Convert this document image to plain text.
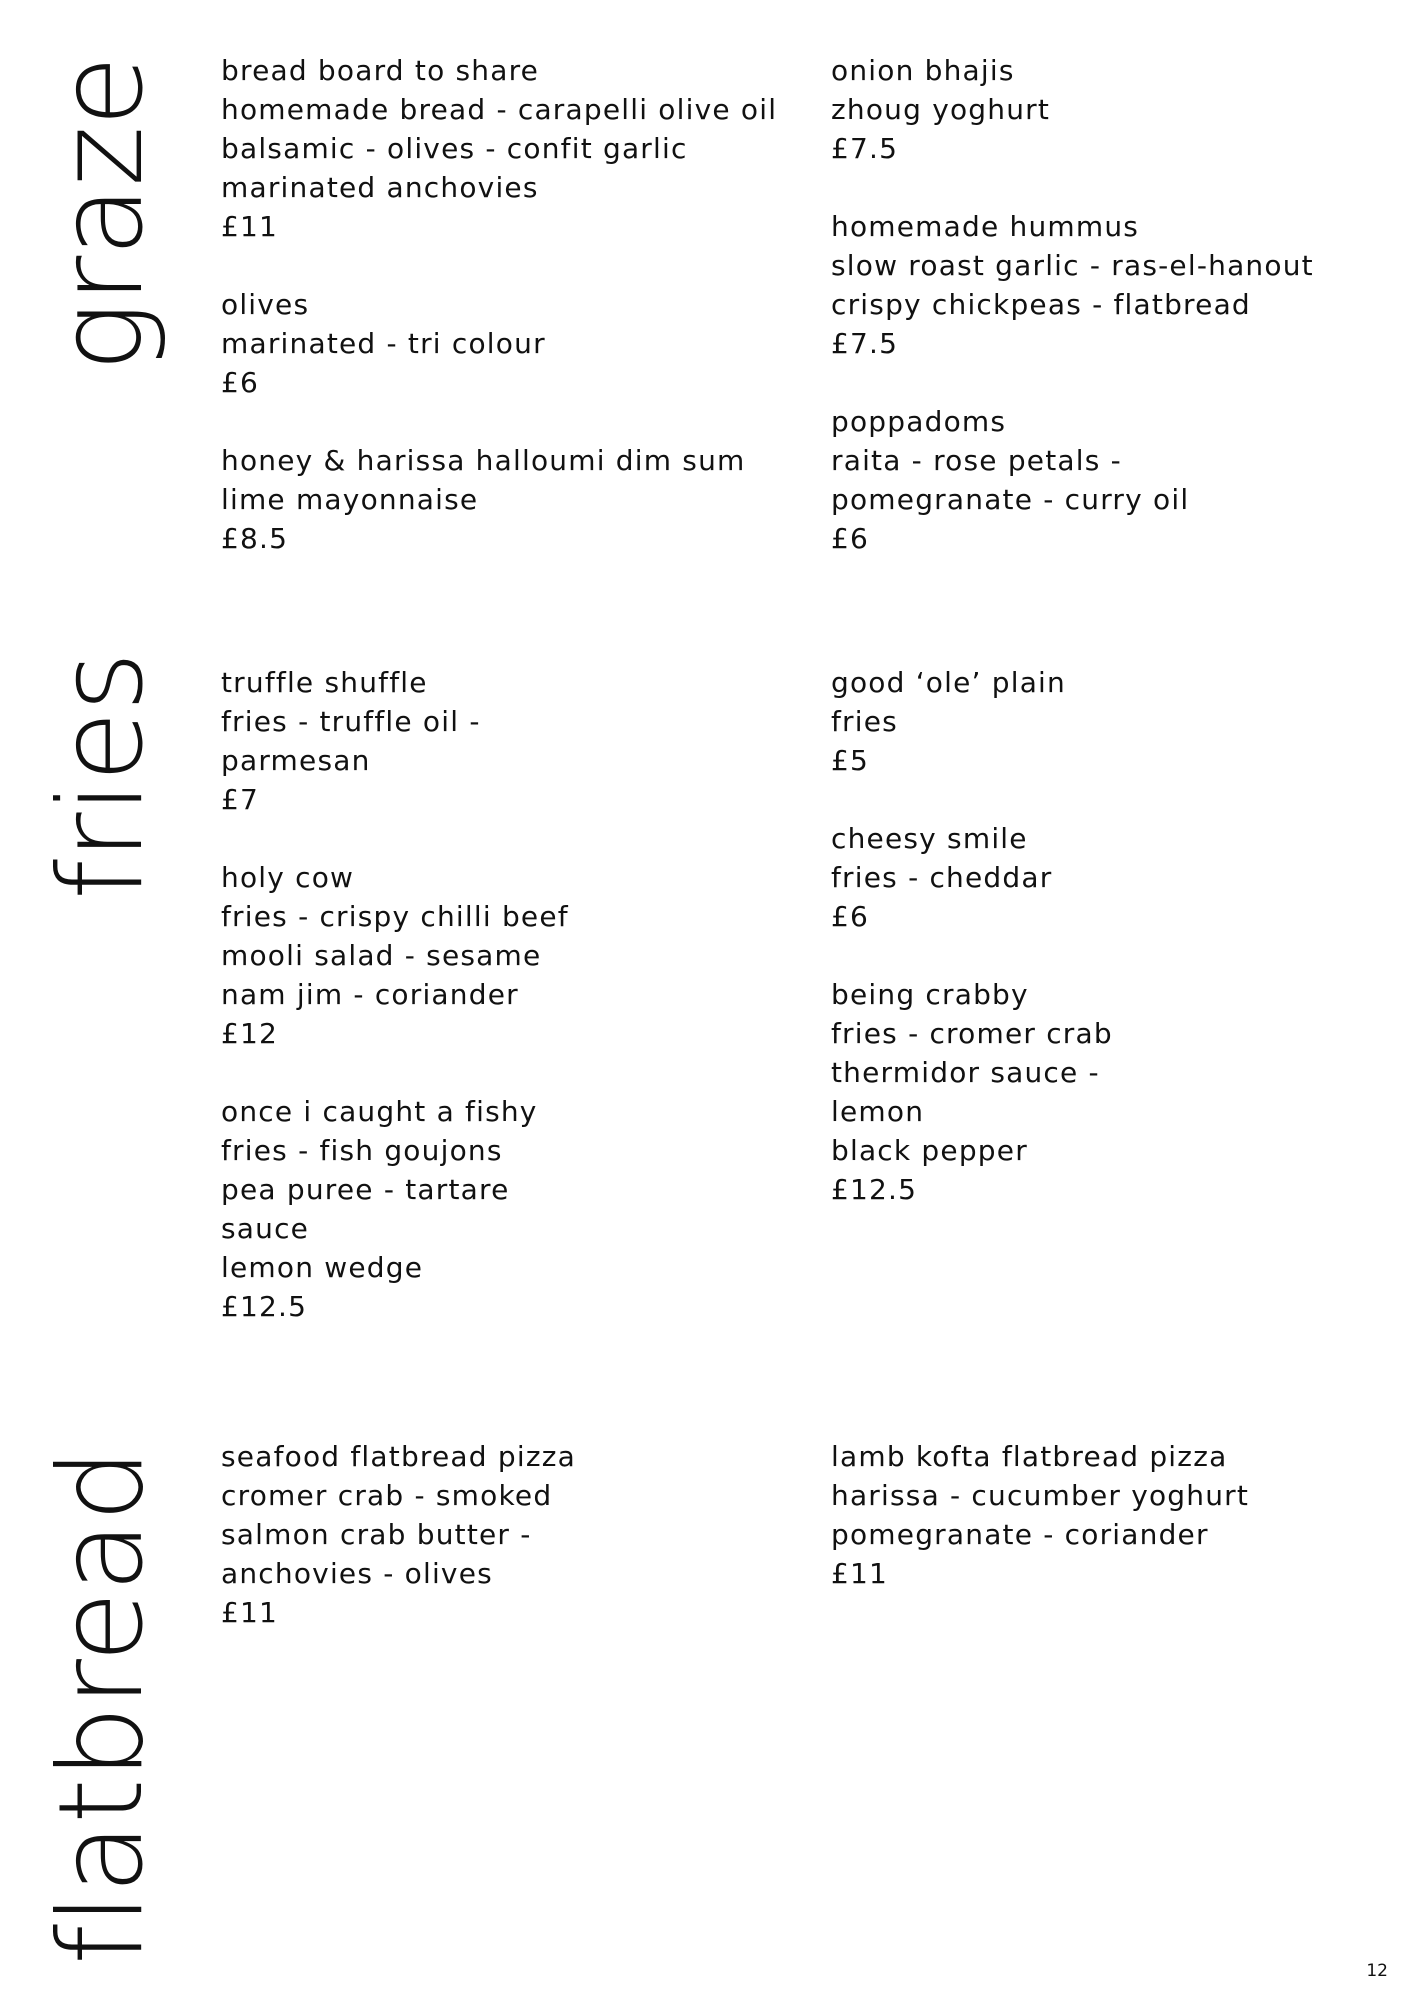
graze
fries
flatbread
bread board to share
homemade bread - carapelli olive oil
balsamic - olives - confit garlic
marinated anchovies
£11
olives
marinated - tri colour
£6
honey & harissa halloumi dim sum
lime mayonnaise
£8.5
onion bhajis
zhoug yoghurt
£7.5
homemade hummus
slow roast garlic - ras-el-hanout
crispy chickpeas - flatbread
£7.5
poppadoms
raita - rose petals -
pomegranate - curry oil
£6
truffle shuffle
fries - truffle oil -
parmesan
£7
holy cow
fries - crispy chilli beef
mooli salad - sesame
nam jim - coriander
£12
once i caught a fishy
fries - fish goujons
pea puree - tartare
sauce
lemon wedge
£12.5
good ‘ole’ plain
fries
£5
cheesy smile
fries - cheddar
£6
being crabby
fries - cromer crab
thermidor sauce -
lemon
black pepper
£12.5
seafood flatbread pizza
cromer crab - smoked
salmon crab butter -
anchovies - olives
£11
lamb kofta flatbread pizza
harissa - cucumber yoghurt
pomegranate - coriander
£11
12
